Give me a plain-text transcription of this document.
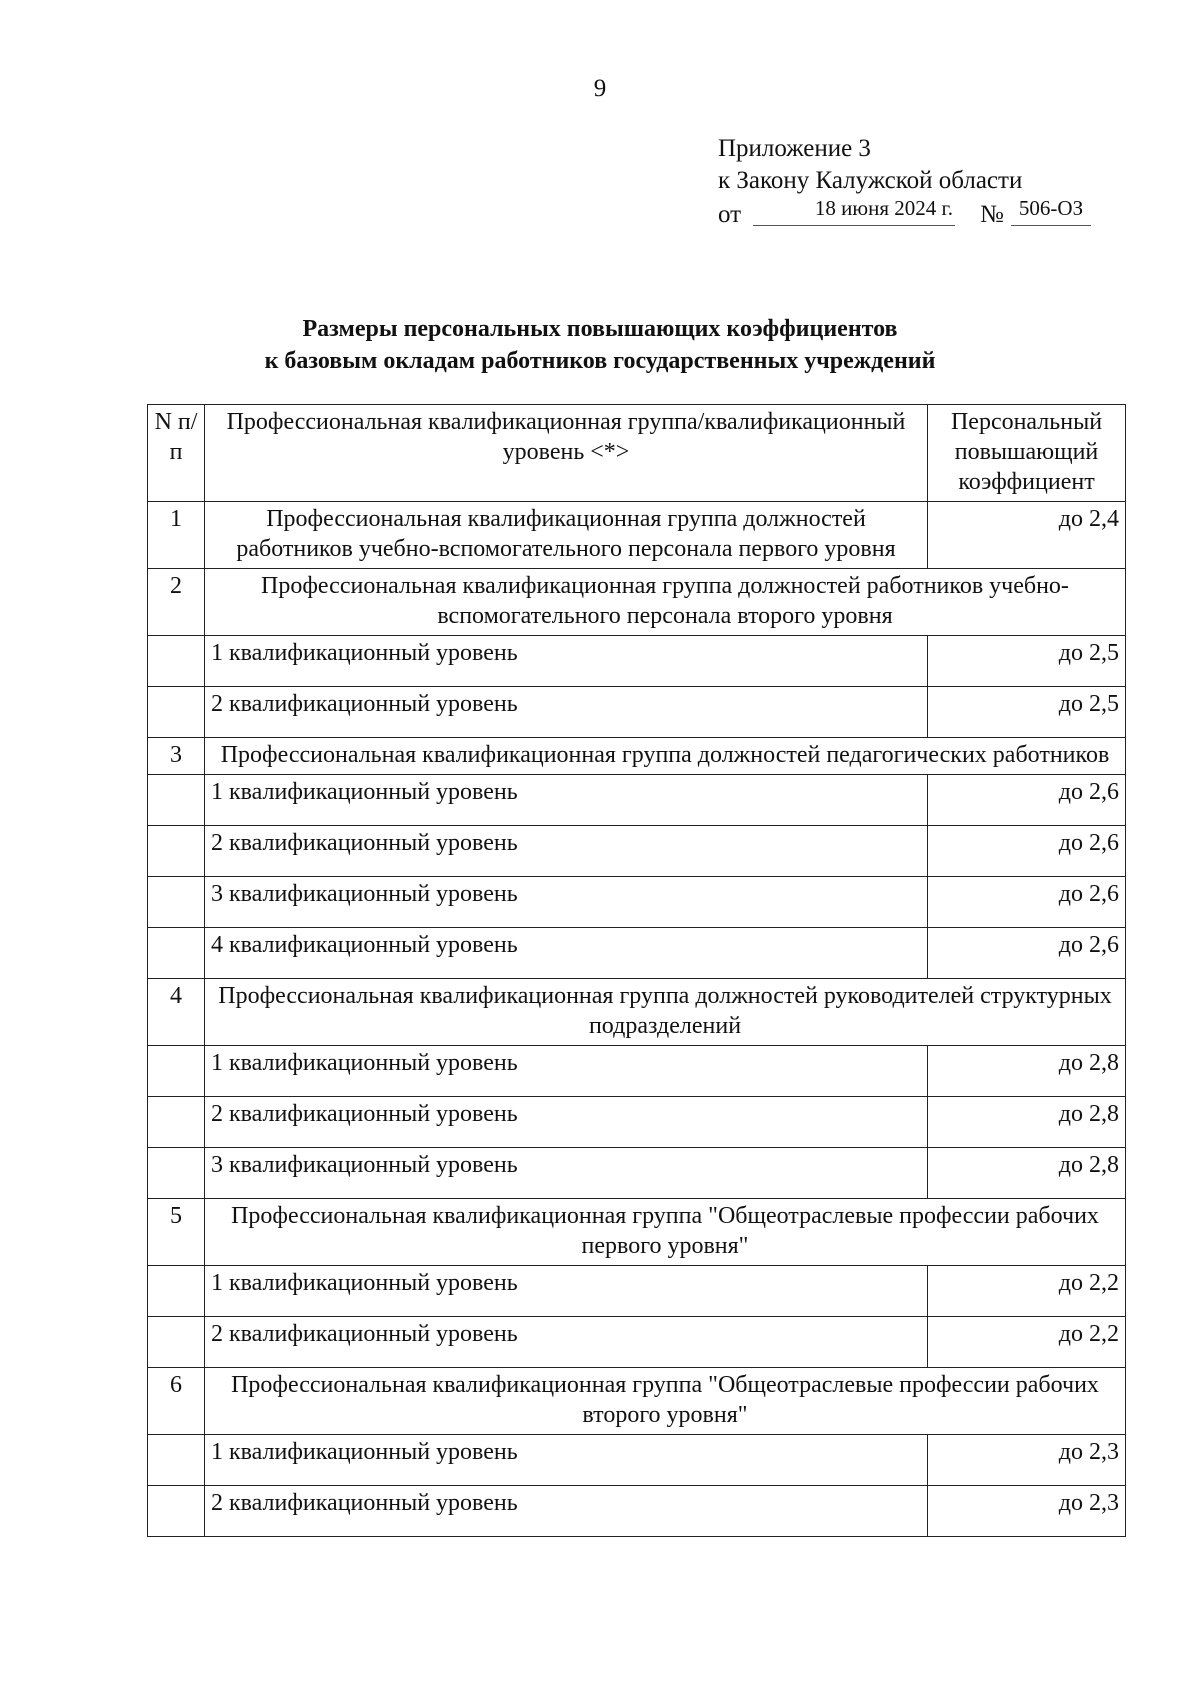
9
Приложение 3
к Закону Калужской области
от	18 июня 2024 г. № 506-ОЗ
Размеры персональных повышающих коэффициентов
к базовым окладам работников государственных учреждений
N п/п	Профессиональная квалификационная группа/квалификационный уровень <*>	Персональный повышающий коэффициент
1	Профессиональная квалификационная группа должностей работников учебно-вспомогательного персонала первого уровня	до 2,4
2	Профессиональная квалификационная группа должностей работников учебно-вспомогательного персонала второго уровня	
	1 квалификационный уровень	до 2,5
	2 квалификационный уровень	до 2,5
3	Профессиональная квалификационная группа должностей педагогических работников	
	1 квалификационный уровень	до 2,6
	2 квалификационный уровень	до 2,6
	3 квалификационный уровень	до 2,6
	4 квалификационный уровень	до 2,6
4	Профессиональная квалификационная группа должностей руководителей структурных подразделений	
	1 квалификационный уровень	до 2,8
	2 квалификационный уровень	до 2,8
	3 квалификационный уровень	до 2,8
5	Профессиональная квалификационная группа "Общеотраслевые профессии рабочих первого уровня"	
	1 квалификационный уровень	до 2,2
	2 квалификационный уровень	до 2,2
6	Профессиональная квалификационная группа "Общеотраслевые профессии рабочих второго уровня"	
	1 квалификационный уровень	до 2,3
	2 квалификационный уровень	до 2,3
